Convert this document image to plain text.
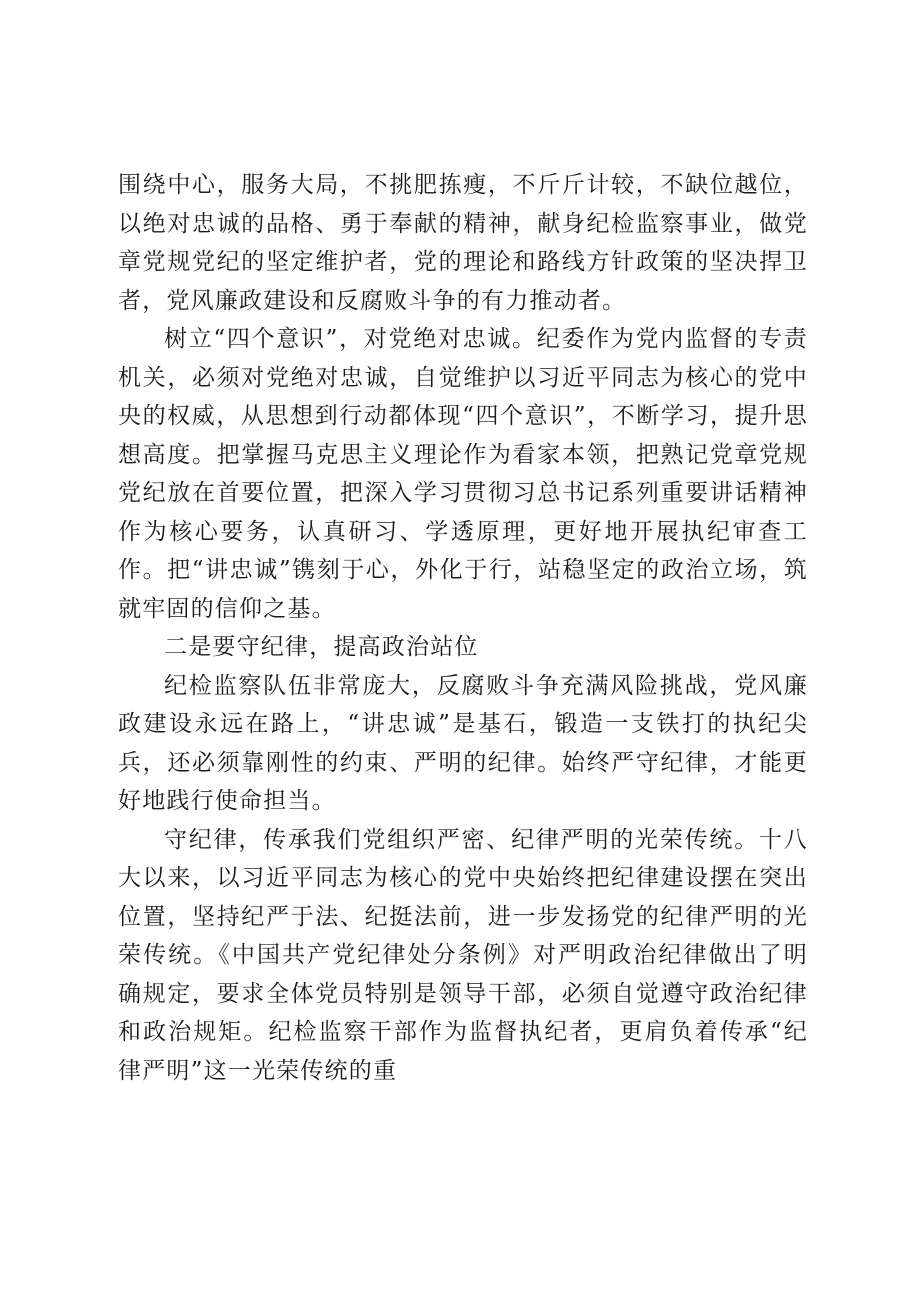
围绕中心，服务大局，不挑肥拣瘦，不斤斤计较，不缺位越位，以绝对忠诚的品格、勇于奉献的精神，献身纪检监察事业，做党章党规党纪的坚定维护者，党的理论和路线方针政策的坚决捍卫者，党风廉政建设和反腐败斗争的有力推动者。

树立“四个意识”，对党绝对忠诚。纪委作为党内监督的专责机关，必须对党绝对忠诚，自觉维护以习近平同志为核心的党中央的权威，从思想到行动都体现“四个意识”，不断学习，提升思想高度。把掌握马克思主义理论作为看家本领，把熟记党章党规党纪放在首要位置，把深入学习贯彻习总书记系列重要讲话精神作为核心要务，认真研习、学透原理，更好地开展执纪审查工作。把“讲忠诚”镌刻于心，外化于行，站稳坚定的政治立场，筑就牢固的信仰之基。

二是要守纪律，提高政治站位

纪检监察队伍非常庞大，反腐败斗争充满风险挑战，党风廉政建设永远在路上，“讲忠诚”是基石，锻造一支铁打的执纪尖兵，还必须靠刚性的约束、严明的纪律。始终严守纪律，才能更好地践行使命担当。

守纪律，传承我们党组织严密、纪律严明的光荣传统。十八大以来，以习近平同志为核心的党中央始终把纪律建设摆在突出位置，坚持纪严于法、纪挺法前，进一步发扬党的纪律严明的光荣传统。《中国共产党纪律处分条例》对严明政治纪律做出了明确规定，要求全体党员特别是领导干部，必须自觉遵守政治纪律和政治规矩。纪检监察干部作为监督执纪者，更肩负着传承“纪律严明”这一光荣传统的重
